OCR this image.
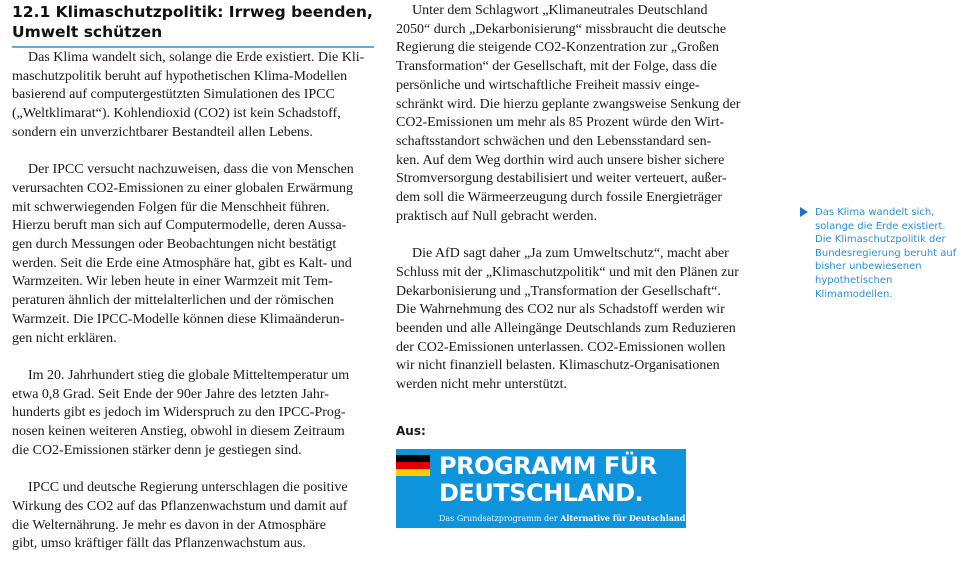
12.1 Klimaschutzpolitik: Irrweg beenden,
Umwelt schützen
Das Klima wandelt sich, solange die Erde existiert. Die Kli-
maschutzpolitik beruht auf hypothetischen Klima-Modellen
basierend auf computergestützten Simulationen des IPCC
(„Weltklimarat“). Kohlendioxid (CO2) ist kein Schadstoff,
sondern ein unverzichtbarer Bestandteil allen Lebens.
Der IPCC versucht nachzuweisen, dass die von Menschen
verursachten CO2-Emissionen zu einer globalen Erwärmung
mit schwerwiegenden Folgen für die Menschheit führen.
Hierzu beruft man sich auf Computermodelle, deren Aussa-
gen durch Messungen oder Beobachtungen nicht bestätigt
werden. Seit die Erde eine Atmosphäre hat, gibt es Kalt- und
Warmzeiten. Wir leben heute in einer Warmzeit mit Tem-
peraturen ähnlich der mittelalterlichen und der römischen
Warmzeit. Die IPCC-Modelle können diese Klimaänderun-
gen nicht erklären.
Im 20. Jahrhundert stieg die globale Mitteltemperatur um
etwa 0,8 Grad. Seit Ende der 90er Jahre des letzten Jahr-
hunderts gibt es jedoch im Widerspruch zu den IPCC-Prog-
nosen keinen weiteren Anstieg, obwohl in diesem Zeitraum
die CO2-Emissionen stärker denn je gestiegen sind.
IPCC und deutsche Regierung unterschlagen die positive
Wirkung des CO2 auf das Pflanzenwachstum und damit auf
die Welternährung. Je mehr es davon in der Atmosphäre
gibt, umso kräftiger fällt das Pflanzenwachstum aus.
Unter dem Schlagwort „Klimaneutrales Deutschland
2050“ durch „Dekarbonisierung“ missbraucht die deutsche
Regierung die steigende CO2-Konzentration zur „Großen
Transformation“ der Gesellschaft, mit der Folge, dass die
persönliche und wirtschaftliche Freiheit massiv einge-
schränkt wird. Die hierzu geplante zwangsweise Senkung der
CO2-Emissionen um mehr als 85 Prozent würde den Wirt-
schaftsstandort schwächen und den Lebensstandard sen-
ken. Auf dem Weg dorthin wird auch unsere bisher sichere
Stromversorgung destabilisiert und weiter verteuert, außer-
dem soll die Wärmeerzeugung durch fossile Energieträger
praktisch auf Null gebracht werden.
Die AfD sagt daher „Ja zum Umweltschutz“, macht aber
Schluss mit der „Klimaschutzpolitik“ und mit den Plänen zur
Dekarbonisierung und „Transformation der Gesellschaft“.
Die Wahrnehmung des CO2 nur als Schadstoff werden wir
beenden und alle Alleingänge Deutschlands zum Reduzieren
der CO2-Emissionen unterlassen. CO2-Emissionen wollen
wir nicht finanziell belasten. Klimaschutz-Organisationen
werden nicht mehr unterstützt.
Aus:
PROGRAMM FÜR
DEUTSCHLAND.
Das Grundsatzprogramm der Alternative für Deutschland.
Das Klima wandelt sich,
solange die Erde existiert.
Die Klimaschutzpolitik der
Bundesregierung beruht auf
bisher unbewiesenen
hypothetischen
Klimamodellen.
